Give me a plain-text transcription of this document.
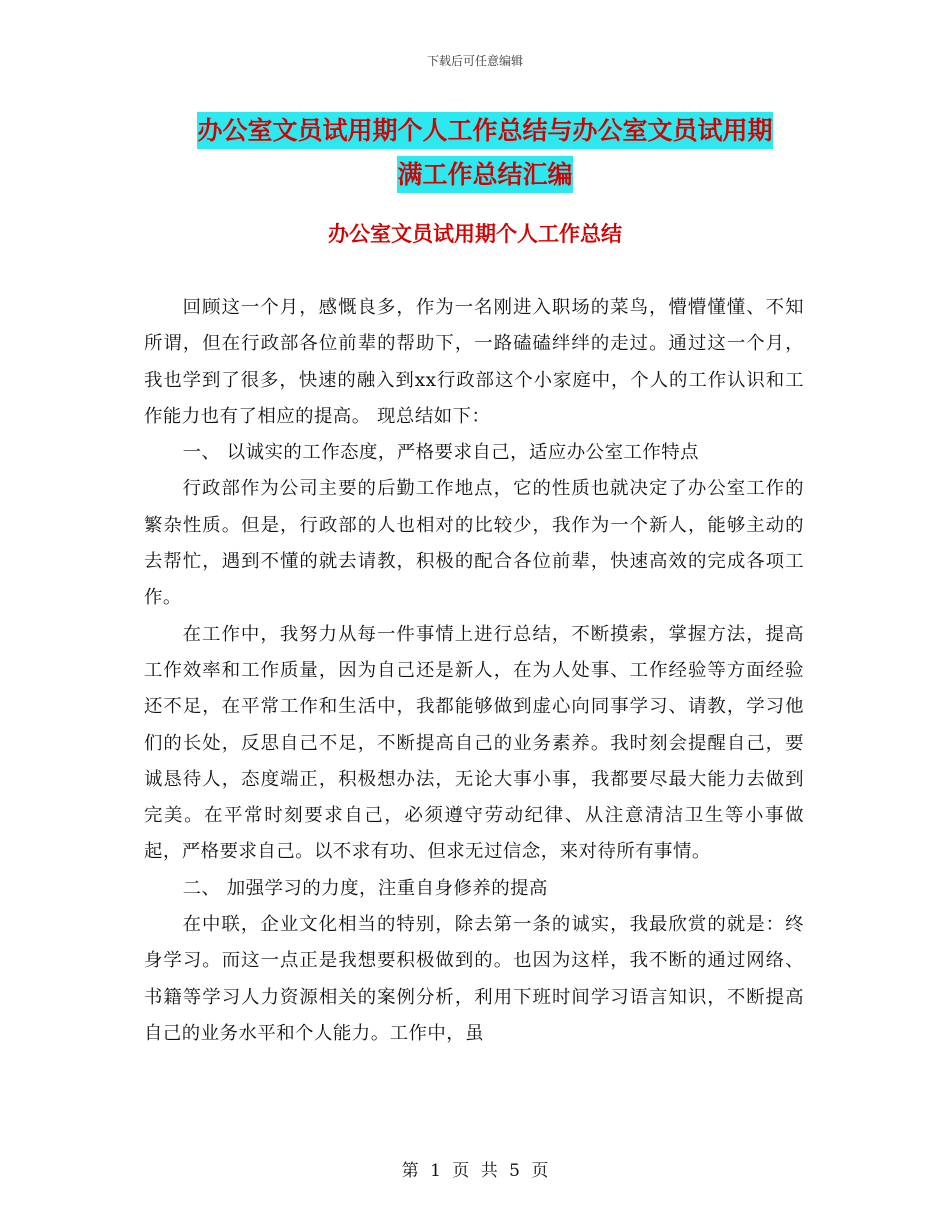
下载后可任意编辑
办公室文员试用期个人工作总结与办公室文员试用期
满工作总结汇编
办公室文员试用期个人工作总结

回顾这一个月，感慨良多，作为一名刚进入职场的菜鸟，懵懵懂懂、不知所谓，但在行政部各位前辈的帮助下，一路磕磕绊绊的走过。通过这一个月，我也学到了很多，快速的融入到xx行政部这个小家庭中，个人的工作认识和工作能力也有了相应的提高。 现总结如下：

一、 以诚实的工作态度，严格要求自己，适应办公室工作特点

行政部作为公司主要的后勤工作地点，它的性质也就决定了办公室工作的繁杂性质。但是，行政部的人也相对的比较少，我作为一个新人，能够主动的去帮忙，遇到不懂的就去请教，积极的配合各位前辈，快速高效的完成各项工作。

在工作中，我努力从每一件事情上进行总结，不断摸索，掌握方法，提高工作效率和工作质量，因为自己还是新人，在为人处事、工作经验等方面经验还不足，在平常工作和生活中，我都能够做到虚心向同事学习、请教，学习他们的长处，反思自己不足，不断提高自己的业务素养。我时刻会提醒自己，要诚恳待人，态度端正，积极想办法，无论大事小事，我都要尽最大能力去做到完美。在平常时刻要求自己，必须遵守劳动纪律、从注意清洁卫生等小事做起，严格要求自己。以不求有功、但求无过信念，来对待所有事情。

二、 加强学习的力度，注重自身修养的提高

在中联，企业文化相当的特别，除去第一条的诚实，我最欣赏的就是：终身学习。而这一点正是我想要积极做到的。也因为这样，我不断的通过网络、书籍等学习人力资源相关的案例分析，利用下班时间学习语言知识，不断提高自己的业务水平和个人能力。工作中，虽

第 1 页 共 5 页
